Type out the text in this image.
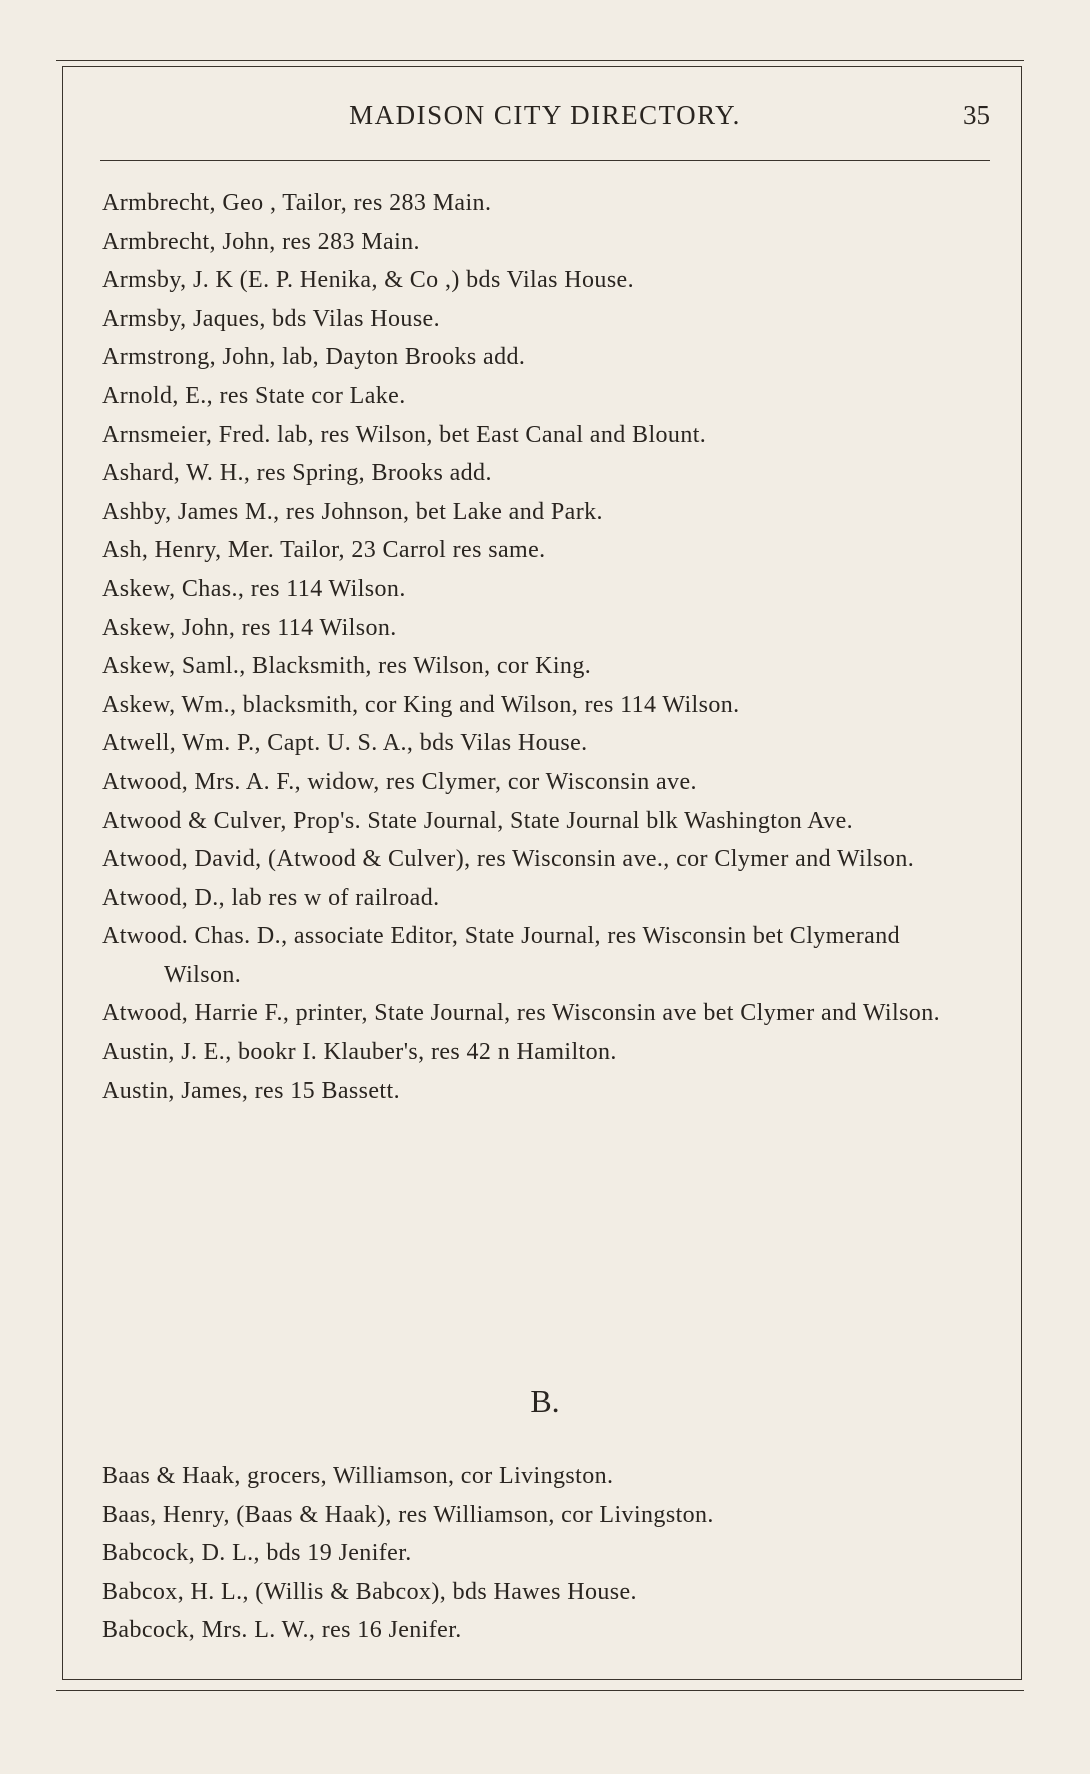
MADISON CITY DIRECTORY.	35
Armbrecht, Geo , Tailor, res 283 Main.
Armbrecht, John, res 283 Main.
Armsby, J. K (E. P. Henika, & Co ,) bds Vilas House.
Armsby, Jaques, bds Vilas House.
Armstrong, John, lab, Dayton Brooks add.
Arnold, E., res State cor Lake.
Arnsmeier, Fred. lab, res Wilson, bet East Canal and Blount.
Ashard, W. H., res Spring, Brooks add.
Ashby, James M., res Johnson, bet Lake and Park.
Ash, Henry, Mer. Tailor, 23 Carrol res same.
Askew, Chas., res 114 Wilson.
Askew, John, res 114 Wilson.
Askew, Saml., Blacksmith, res Wilson, cor King.
Askew, Wm., blacksmith, cor King and Wilson, res 114 Wilson.
Atwell, Wm. P., Capt. U. S. A., bds Vilas House.
Atwood, Mrs. A. F., widow, res Clymer, cor Wisconsin ave.
Atwood & Culver, Prop's. State Journal, State Journal blk Washington Ave.
Atwood, David, (Atwood & Culver), res Wisconsin ave., cor Clymer and Wilson.
Atwood, D., lab res w of railroad.
Atwood. Chas. D., associate Editor, State Journal, res Wisconsin bet Clymerand Wilson.
Atwood, Harrie F., printer, State Journal, res Wisconsin ave bet Clymer and Wilson.
Austin, J. E., bookr I. Klauber's, res 42 n Hamilton.
Austin, James, res 15 Bassett.
B.
Baas & Haak, grocers, Williamson, cor Livingston.
Baas, Henry, (Baas & Haak), res Williamson, cor Livingston.
Babcock, D. L., bds 19 Jenifer.
Babcox, H. L., (Willis & Babcox), bds Hawes House.
Babcock, Mrs. L. W., res 16 Jenifer.
